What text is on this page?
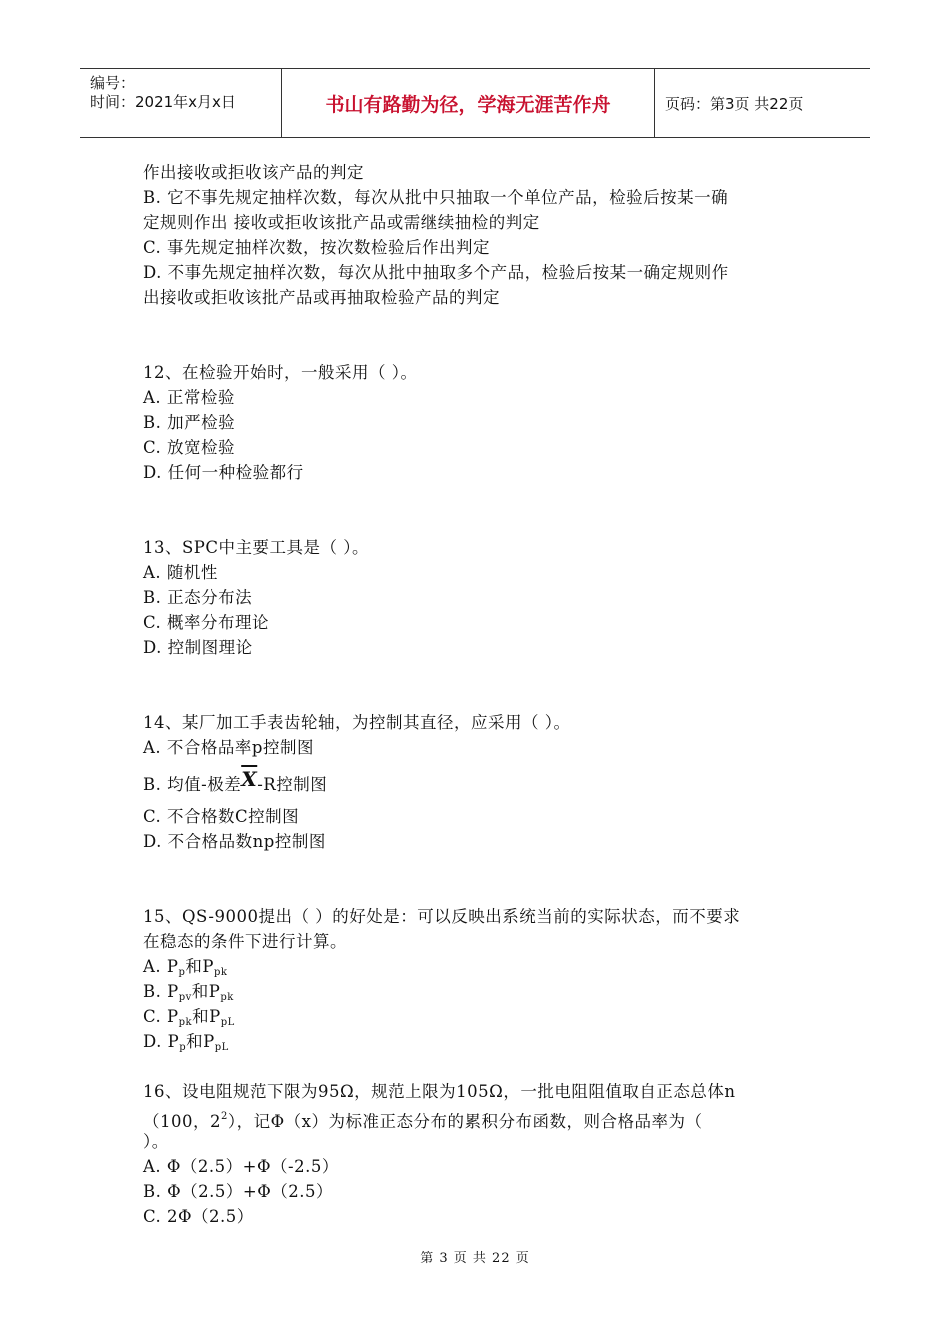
编号：
时间：2021年x月x日	书山有路勤为径，学海无涯苦作舟	页码：第3页 共22页
作出接收或拒收该产品的判定
B. 它不事先规定抽样次数，每次从批中只抽取一个单位产品，检验后按某一确
定规则作出 接收或拒收该批产品或需继续抽检的判定
C. 事先规定抽样次数，按次数检验后作出判定
D. 不事先规定抽样次数，每次从批中抽取多个产品，检验后按某一确定规则作
出接收或拒收该批产品或再抽取检验产品的判定
12、在检验开始时，一般采用（ ）。
A. 正常检验
B. 加严检验
C. 放宽检验
D. 任何一种检验都行
13、SPC中主要工具是（ ）。
A. 随机性
B. 正态分布法
C. 概率分布理论
D. 控制图理论
14、某厂加工手表齿轮轴，为控制其直径，应采用（ ）。
A. 不合格品率p控制图
B. 均值-极差$\overline{X}-R$控制图
C. 不合格数C控制图
D. 不合格品数np控制图
15、QS-9000提出（ ）的好处是：可以反映出系统当前的实际状态，而不要求
在稳态的条件下进行计算。
A. $P_p$和$P_{pk}$
B. $P_{pv}$和$P_{pk}$
C. $P_{pk}$和$P_{pL}$
D. $P_p$和$P_{pL}$
16、设电阻规范下限为95Ω，规范上限为105Ω，一批电阻阻值取自正态总体n
（100，$2^2$），记Φ（x）为标准正态分布的累积分布函数，则合格品率为（
）。
A. Φ（2.5）+Φ（-2.5）
B. Φ（2.5）+Φ（2.5）
C. 2Φ（2.5）
第 3 页 共 22 页
